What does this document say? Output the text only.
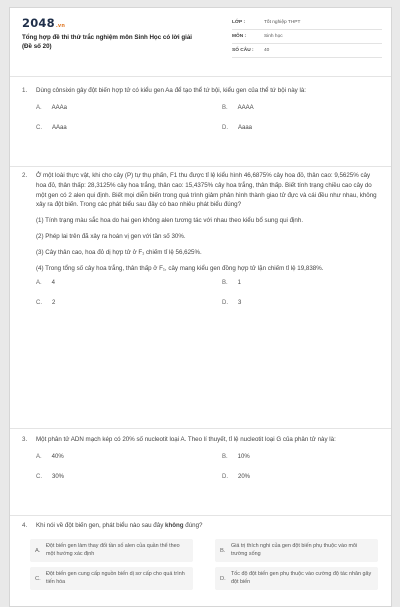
2048.vn
Tổng hợp đề thi thử trắc nghiệm môn Sinh Học có lời giải
(Đề số 20)
LỚP :	Tốt nghiệp THPT
MÔN :	Sinh học
SỐ CÂU :	40
1. Dùng cônsixin gây đột biến hợp tử có kiểu gen Aa để tạo thể tứ bội, kiểu gen của thể tứ bội này là:
A. AAAa	B. AAAA
C. AAaa	D. Aaaa
2. Ở một loài thực vật, khi cho cây (P) tự thụ phấn, F1 thu được tỉ lệ kiểu hình 46,6875% cây hoa đỏ, thân cao: 9,5625% cây hoa đỏ, thân thấp: 28,3125% cây hoa trắng, thân cao: 15,4375% cây hoa trắng, thân thấp. Biết tính trạng chiều cao cây do một gen có 2 alen qui định. Biết mọi diễn biến trong quá trình giảm phân hình thành giao tử đực và cái đều như nhau, không xảy ra đột biến. Trong các phát biểu sau đây có bao nhiêu phát biểu đúng?

(1) Tính trạng màu sắc hoa do hai gen không alen tương tác với nhau theo kiểu bổ sung qui định.

(2) Phép lai trên đã xảy ra hoán vị gen với tần số 30%.

(3) Cây thân cao, hoa đỏ dị hợp tử ở F₁ chiếm tỉ lệ 56,625%.

(4) Trong tổng số cây hoa trắng, thân thấp ở F₁, cây mang kiểu gen đồng hợp tử lặn chiếm tỉ lệ 19,838%.

A. 4	B. 1
C. 2	D. 3
3. Một phân tử ADN mạch kép có 20% số nucleotit loại A. Theo lí thuyết, tỉ lệ nucleotit loại G của phân tử này là:
A. 40%	B. 10%
C. 30%	D. 20%
4. Khi nói về đột biến gen, phát biểu nào sau đây không đúng?
A.
Đột biến gen làm thay đổi tần số alen của quần thể theo một hướng xác định	B.
Giá trị thích nghi của gen đột biến phụ thuộc vào môi trường sống
C.
Đột biến gen cung cấp nguồn biến dị sơ cấp cho quá trình tiến hóa	D.
Tốc độ đột biến gen phụ thuộc vào cường độ tác nhân gây đột biến
